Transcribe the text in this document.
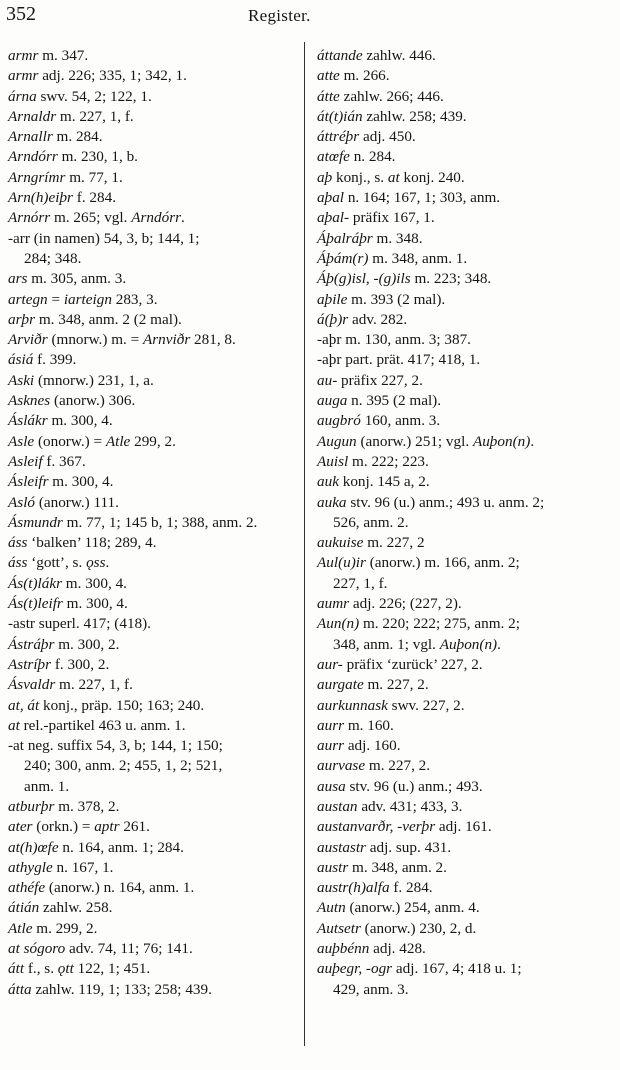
352	Register.
armr m. 347.
armr adj. 226; 335, 1; 342, 1.
árna swv. 54, 2; 122, 1.
Arnaldr m. 227, 1, f.
Arnallr m. 284.
Arndórr m. 230, 1, b.
Arngrímr m. 77, 1.
Arn(h)eiþr f. 284.
Arnórr m. 265; vgl. Arndórr.
-arr (in namen) 54, 3, b; 144, 1;
284; 348.
ars m. 305, anm. 3.
artegn = iarteign 283, 3.
arþr m. 348, anm. 2 (2 mal).
Arviðr (mnorw.) m. = Arnviðr 281, 8.
ásiá f. 399.
Aski (mnorw.) 231, 1, a.
Asknes (anorw.) 306.
Áslákr m. 300, 4.
Asle (onorw.) = Atle 299, 2.
Asleif f. 367.
Ásleifr m. 300, 4.
Asló (anorw.) 111.
Ásmundr m. 77, 1; 145 b, 1; 388, anm. 2.
áss ‘balken’ 118; 289, 4.
áss ‘gott’, s. ǫss.
Ás(t)lákr m. 300, 4.
Ás(t)leifr m. 300, 4.
-astr superl. 417; (418).
Ástráþr m. 300, 2.
Astríþr f. 300, 2.
Ásvaldr m. 227, 1, f.
at, át konj., präp. 150; 163; 240.
at rel.-partikel 463 u. anm. 1.
-at neg. suffix 54, 3, b; 144, 1; 150;
240; 300, anm. 2; 455, 1, 2; 521,
anm. 1.
atburþr m. 378, 2.
ater (orkn.) = aptr 261.
at(h)œfe n. 164, anm. 1; 284.
athygle n. 167, 1.
athéfe (anorw.) n. 164, anm. 1.
átián zahlw. 258.
Atle m. 299, 2.
at sógoro adv. 74, 11; 76; 141.
átt f., s. ǫtt 122, 1; 451.
átta zahlw. 119, 1; 133; 258; 439.
áttande zahlw. 446.
atte m. 266.
átte zahlw. 266; 446.
át(t)ián zahlw. 258; 439.
áttréþr adj. 450.
atœfe n. 284.
aþ konj., s. at konj. 240.
aþal n. 164; 167, 1; 303, anm.
aþal- präfix 167, 1.
Áþalráþr m. 348.
Áþám(r) m. 348, anm. 1.
Áþ(g)isl, -(g)ils m. 223; 348.
aþile m. 393 (2 mal).
á(þ)r adv. 282.
-aþr m. 130, anm. 3; 387.
-aþr part. prät. 417; 418, 1.
au- präfix 227, 2.
auga n. 395 (2 mal).
augbró 160, anm. 3.
Augun (anorw.) 251; vgl. Auþon(n).
Auisl m. 222; 223.
auk konj. 145 a, 2.
auka stv. 96 (u.) anm.; 493 u. anm. 2;
526, anm. 2.
aukuise m. 227, 2
Aul(u)ir (anorw.) m. 166, anm. 2;
227, 1, f.
aumr adj. 226; (227, 2).
Aun(n) m. 220; 222; 275, anm. 2;
348, anm. 1; vgl. Auþon(n).
aur- präfix ‘zurück’ 227, 2.
aurgate m. 227, 2.
aurkunnask swv. 227, 2.
aurr m. 160.
aurr adj. 160.
aurvase m. 227, 2.
ausa stv. 96 (u.) anm.; 493.
austan adv. 431; 433, 3.
austanvarðr, -verþr adj. 161.
austastr adj. sup. 431.
austr m. 348, anm. 2.
austr(h)alfa f. 284.
Autn (anorw.) 254, anm. 4.
Autsetr (anorw.) 230, 2, d.
auþbénn adj. 428.
auþegr, -ogr adj. 167, 4; 418 u. 1;
429, anm. 3.
